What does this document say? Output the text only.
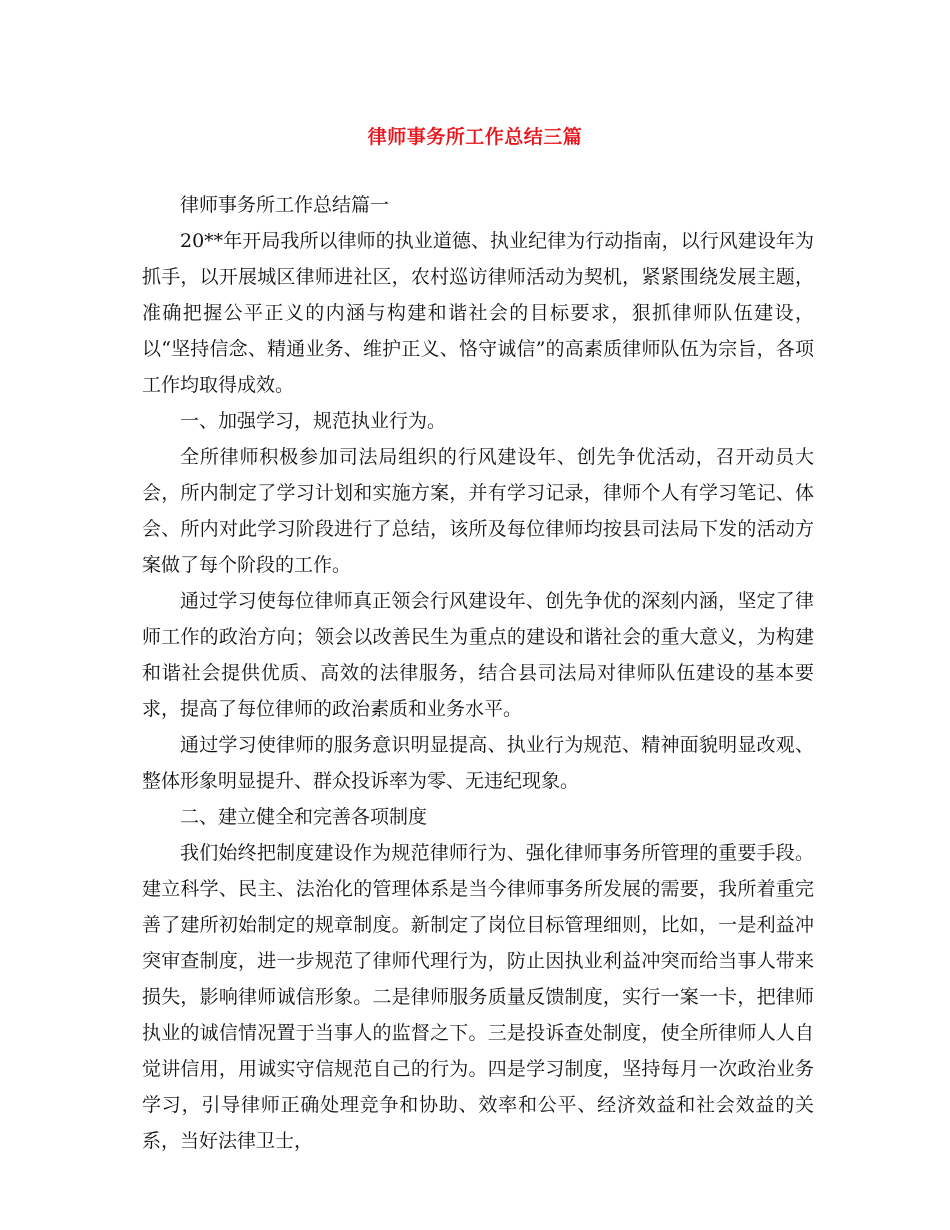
律师事务所工作总结三篇

律师事务所工作总结篇一

20**年开局我所以律师的执业道德、执业纪律为行动指南，以行风建设年为抓手，以开展城区律师进社区，农村巡访律师活动为契机，紧紧围绕发展主题，准确把握公平正义的内涵与构建和谐社会的目标要求，狠抓律师队伍建设，以“坚持信念、精通业务、维护正义、恪守诚信”的高素质律师队伍为宗旨，各项工作均取得成效。

一、加强学习，规范执业行为。

全所律师积极参加司法局组织的行风建设年、创先争优活动，召开动员大会，所内制定了学习计划和实施方案，并有学习记录，律师个人有学习笔记、体会、所内对此学习阶段进行了总结，该所及每位律师均按县司法局下发的活动方案做了每个阶段的工作。

通过学习使每位律师真正领会行风建设年、创先争优的深刻内涵，坚定了律师工作的政治方向；领会以改善民生为重点的建设和谐社会的重大意义，为构建和谐社会提供优质、高效的法律服务，结合县司法局对律师队伍建设的基本要求，提高了每位律师的政治素质和业务水平。

通过学习使律师的服务意识明显提高、执业行为规范、精神面貌明显改观、整体形象明显提升、群众投诉率为零、无违纪现象。

二、建立健全和完善各项制度

我们始终把制度建设作为规范律师行为、强化律师事务所管理的重要手段。建立科学、民主、法治化的管理体系是当今律师事务所发展的需要，我所着重完善了建所初始制定的规章制度。新制定了岗位目标管理细则，比如，一是利益冲突审查制度，进一步规范了律师代理行为，防止因执业利益冲突而给当事人带来损失，影响律师诚信形象。二是律师服务质量反馈制度，实行一案一卡，把律师执业的诚信情况置于当事人的监督之下。三是投诉查处制度，使全所律师人人自觉讲信用，用诚实守信规范自己的行为。四是学习制度，坚持每月一次政治业务学习，引导律师正确处理竞争和协助、效率和公平、经济效益和社会效益的关系，当好法律卫士，
